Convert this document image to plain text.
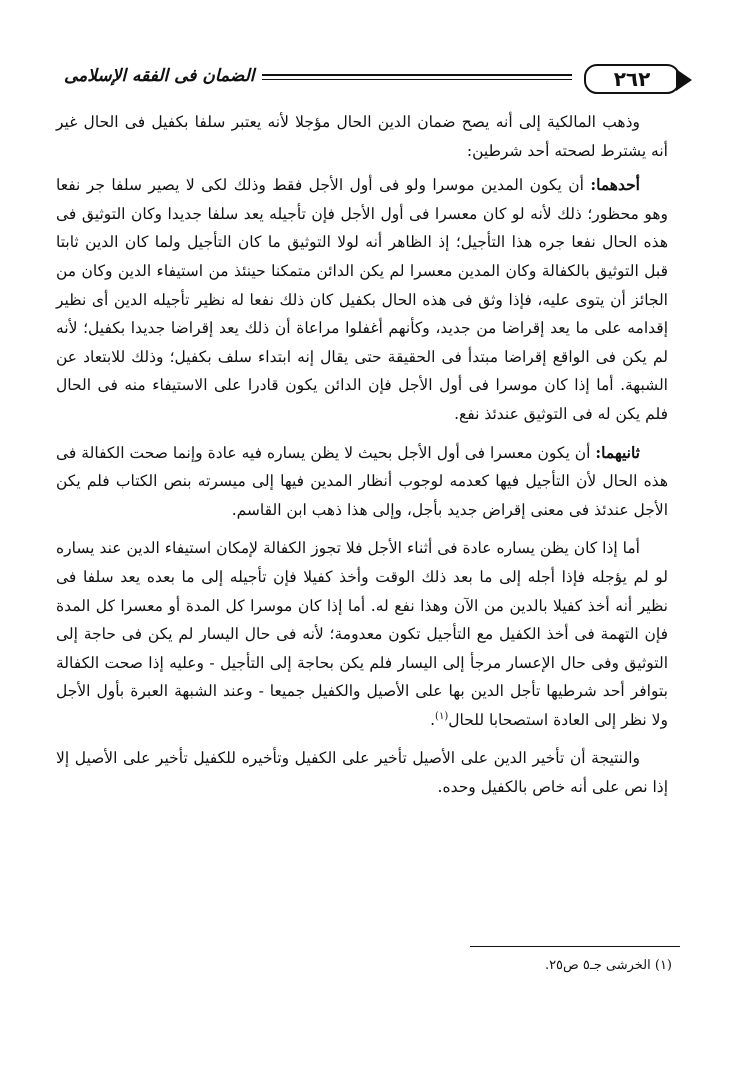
الضمان فى الفقه الإسلامى	٢٦٢

وذهب المالكية إلى أنه يصح ضمان الدين الحال مؤجلا لأنه يعتبر سلفا بكفيل فى الحال غير أنه يشترط لصحته أحد شرطين:

أحدهما: أن يكون المدين موسرا ولو فى أول الأجل فقط وذلك لكى لا يصير سلفا جر نفعا وهو محظور؛ ذلك لأنه لو كان معسرا فى أول الأجل فإن تأجيله يعد سلفا جديدا وكان التوثيق فى هذه الحال نفعا جره هذا التأجيل؛ إذ الظاهر أنه لولا التوثيق ما كان التأجيل ولما كان الدين ثابتا قبل التوثيق بالكفالة وكان المدين معسرا لم يكن الدائن متمكنا حينئذ من استيفاء الدين وكان من الجائز أن يتوى عليه، فإذا وثق فى هذه الحال بكفيل كان ذلك نفعا له نظير تأجيله الدين أى نظير إقدامه على ما يعد إقراضا من جديد، وكأنهم أغفلوا مراعاة أن ذلك يعد إقراضا جديدا بكفيل؛ لأنه لم يكن فى الواقع إقراضا مبتدأ فى الحقيقة حتى يقال إنه ابتداء سلف بكفيل؛ وذلك للابتعاد عن الشبهة. أما إذا كان موسرا فى أول الأجل فإن الدائن يكون قادرا على الاستيفاء منه فى الحال فلم يكن له فى التوثيق عندئذ نفع.

ثانيهما: أن يكون معسرا فى أول الأجل بحيث لا يظن يساره فيه عادة وإنما صحت الكفالة فى هذه الحال لأن التأجيل فيها كعدمه لوجوب أنظار المدين فيها إلى ميسرته بنص الكتاب فلم يكن الأجل عندئذ فى معنى إقراض جديد بأجل، وإلى هذا ذهب ابن القاسم.

أما إذا كان يظن يساره عادة فى أثناء الأجل فلا تجوز الكفالة لإمكان استيفاء الدين عند يساره لو لم يؤجله فإذا أجله إلى ما بعد ذلك الوقت وأخذ كفيلا فإن تأجيله إلى ما بعده يعد سلفا فى نظير أنه أخذ كفيلا بالدين من الآن وهذا نفع له. أما إذا كان موسرا كل المدة أو معسرا كل المدة فإن التهمة فى أخذ الكفيل مع التأجيل تكون معدومة؛ لأنه فى حال اليسار لم يكن فى حاجة إلى التوثيق وفى حال الإعسار مرجأ إلى اليسار فلم يكن بحاجة إلى التأجيل - وعليه إذا صحت الكفالة بتوافر أحد شرطيها تأجل الدين بها على الأصيل والكفيل جميعا - وعند الشبهة العبرة بأول الأجل ولا نظر إلى العادة استصحابا للحال$^{(١)}$.

والنتيجة أن تأخير الدين على الأصيل تأخير على الكفيل وتأخيره للكفيل تأخير على الأصيل إلا إذا نص على أنه خاص بالكفيل وحده.

(١) الخرشى جـ٥ ص٢٥.
